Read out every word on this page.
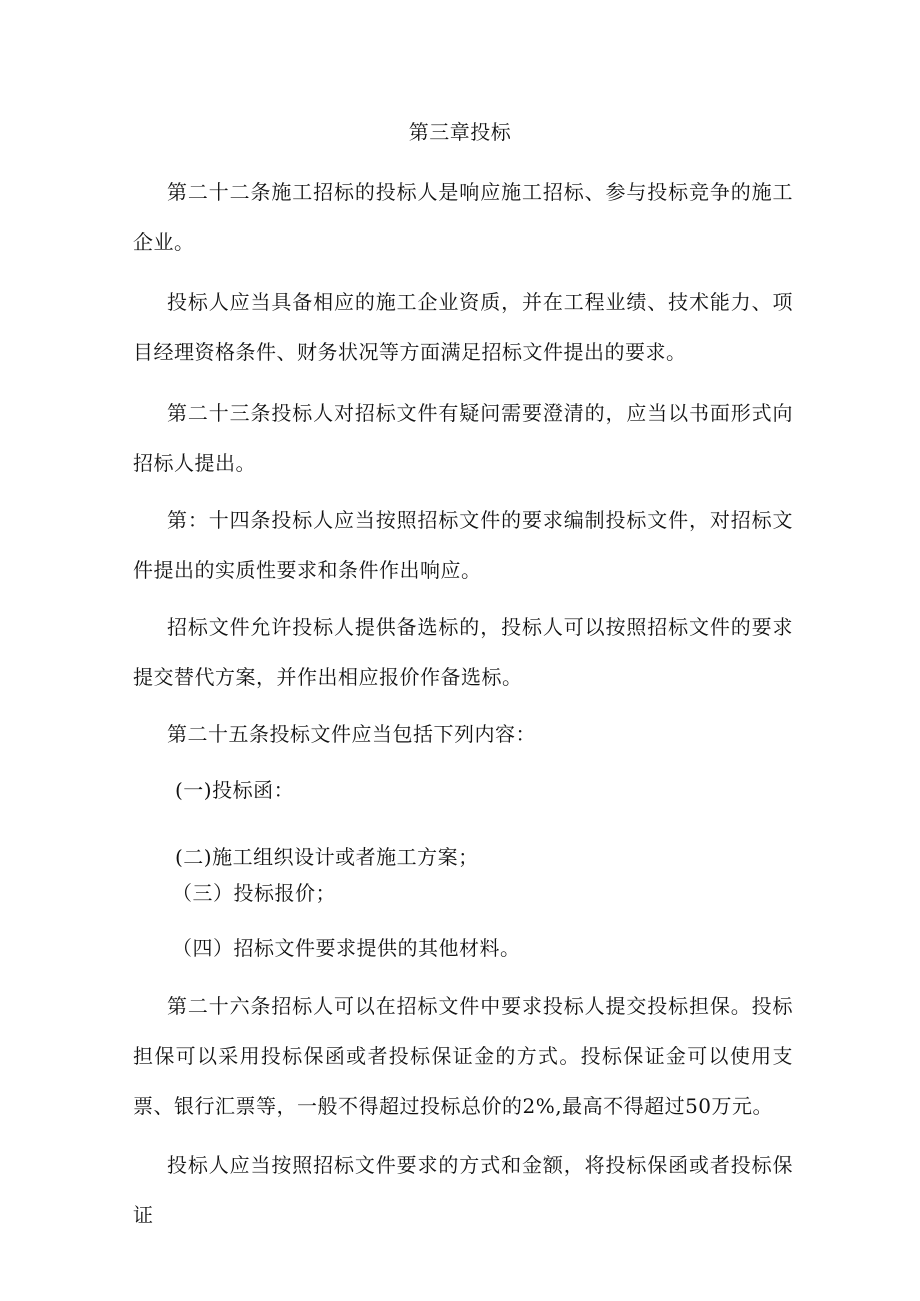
第三章投标

第二十二条施工招标的投标人是响应施工招标、参与投标竞争的施工企业。

投标人应当具备相应的施工企业资质，并在工程业绩、技术能力、项目经理资格条件、财务状况等方面满足招标文件提出的要求。

第二十三条投标人对招标文件有疑问需要澄清的，应当以书面形式向招标人提出。

第：十四条投标人应当按照招标文件的要求编制投标文件，对招标文件提出的实质性要求和条件作出响应。

招标文件允许投标人提供备选标的，投标人可以按照招标文件的要求提交替代方案，并作出相应报价作备选标。

第二十五条投标文件应当包括下列内容：

(一)投标函：
(二)施工组织设计或者施工方案；
（三）投标报价；
（四）招标文件要求提供的其他材料。

第二十六条招标人可以在招标文件中要求投标人提交投标担保。投标担保可以采用投标保函或者投标保证金的方式。投标保证金可以使用支票、银行汇票等，一般不得超过投标总价的2%,最高不得超过50万元。

投标人应当按照招标文件要求的方式和金额，将投标保函或者投标保证
